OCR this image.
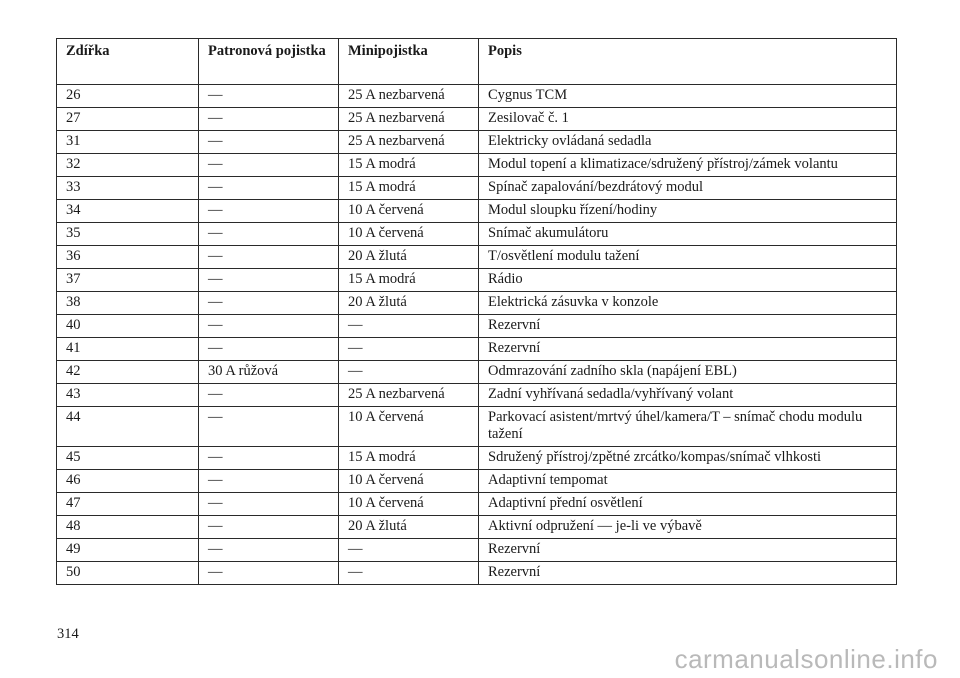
Zdířka	Patronová pojistka	Minipojistka	Popis
26	—	25 A nezbarvená	Cygnus TCM
27	—	25 A nezbarvená	Zesilovač č. 1
31	—	25 A nezbarvená	Elektricky ovládaná sedadla
32	—	15 A modrá	Modul topení a klimatizace/sdružený přístroj/zámek volantu
33	—	15 A modrá	Spínač zapalování/bezdrátový modul
34	—	10 A červená	Modul sloupku řízení/hodiny
35	—	10 A červená	Snímač akumulátoru
36	—	20 A žlutá	T/osvětlení modulu tažení
37	—	15 A modrá	Rádio
38	—	20 A žlutá	Elektrická zásuvka v konzole
40	—	—	Rezervní
41	—	—	Rezervní
42	30 A růžová	—	Odmrazování zadního skla (napájení EBL)
43	—	25 A nezbarvená	Zadní vyhřívaná sedadla/vyhřívaný volant
44	—	10 A červená	Parkovací asistent/mrtvý úhel/kamera/T – snímač chodu modulu tažení
45	—	15 A modrá	Sdružený přístroj/zpětné zrcátko/kompas/snímač vlhkosti
46	—	10 A červená	Adaptivní tempomat
47	—	10 A červená	Adaptivní přední osvětlení
48	—	20 A žlutá	Aktivní odpružení — je-li ve výbavě
49	—	—	Rezervní
50	—	—	Rezervní
314
carmanualsonline.info
